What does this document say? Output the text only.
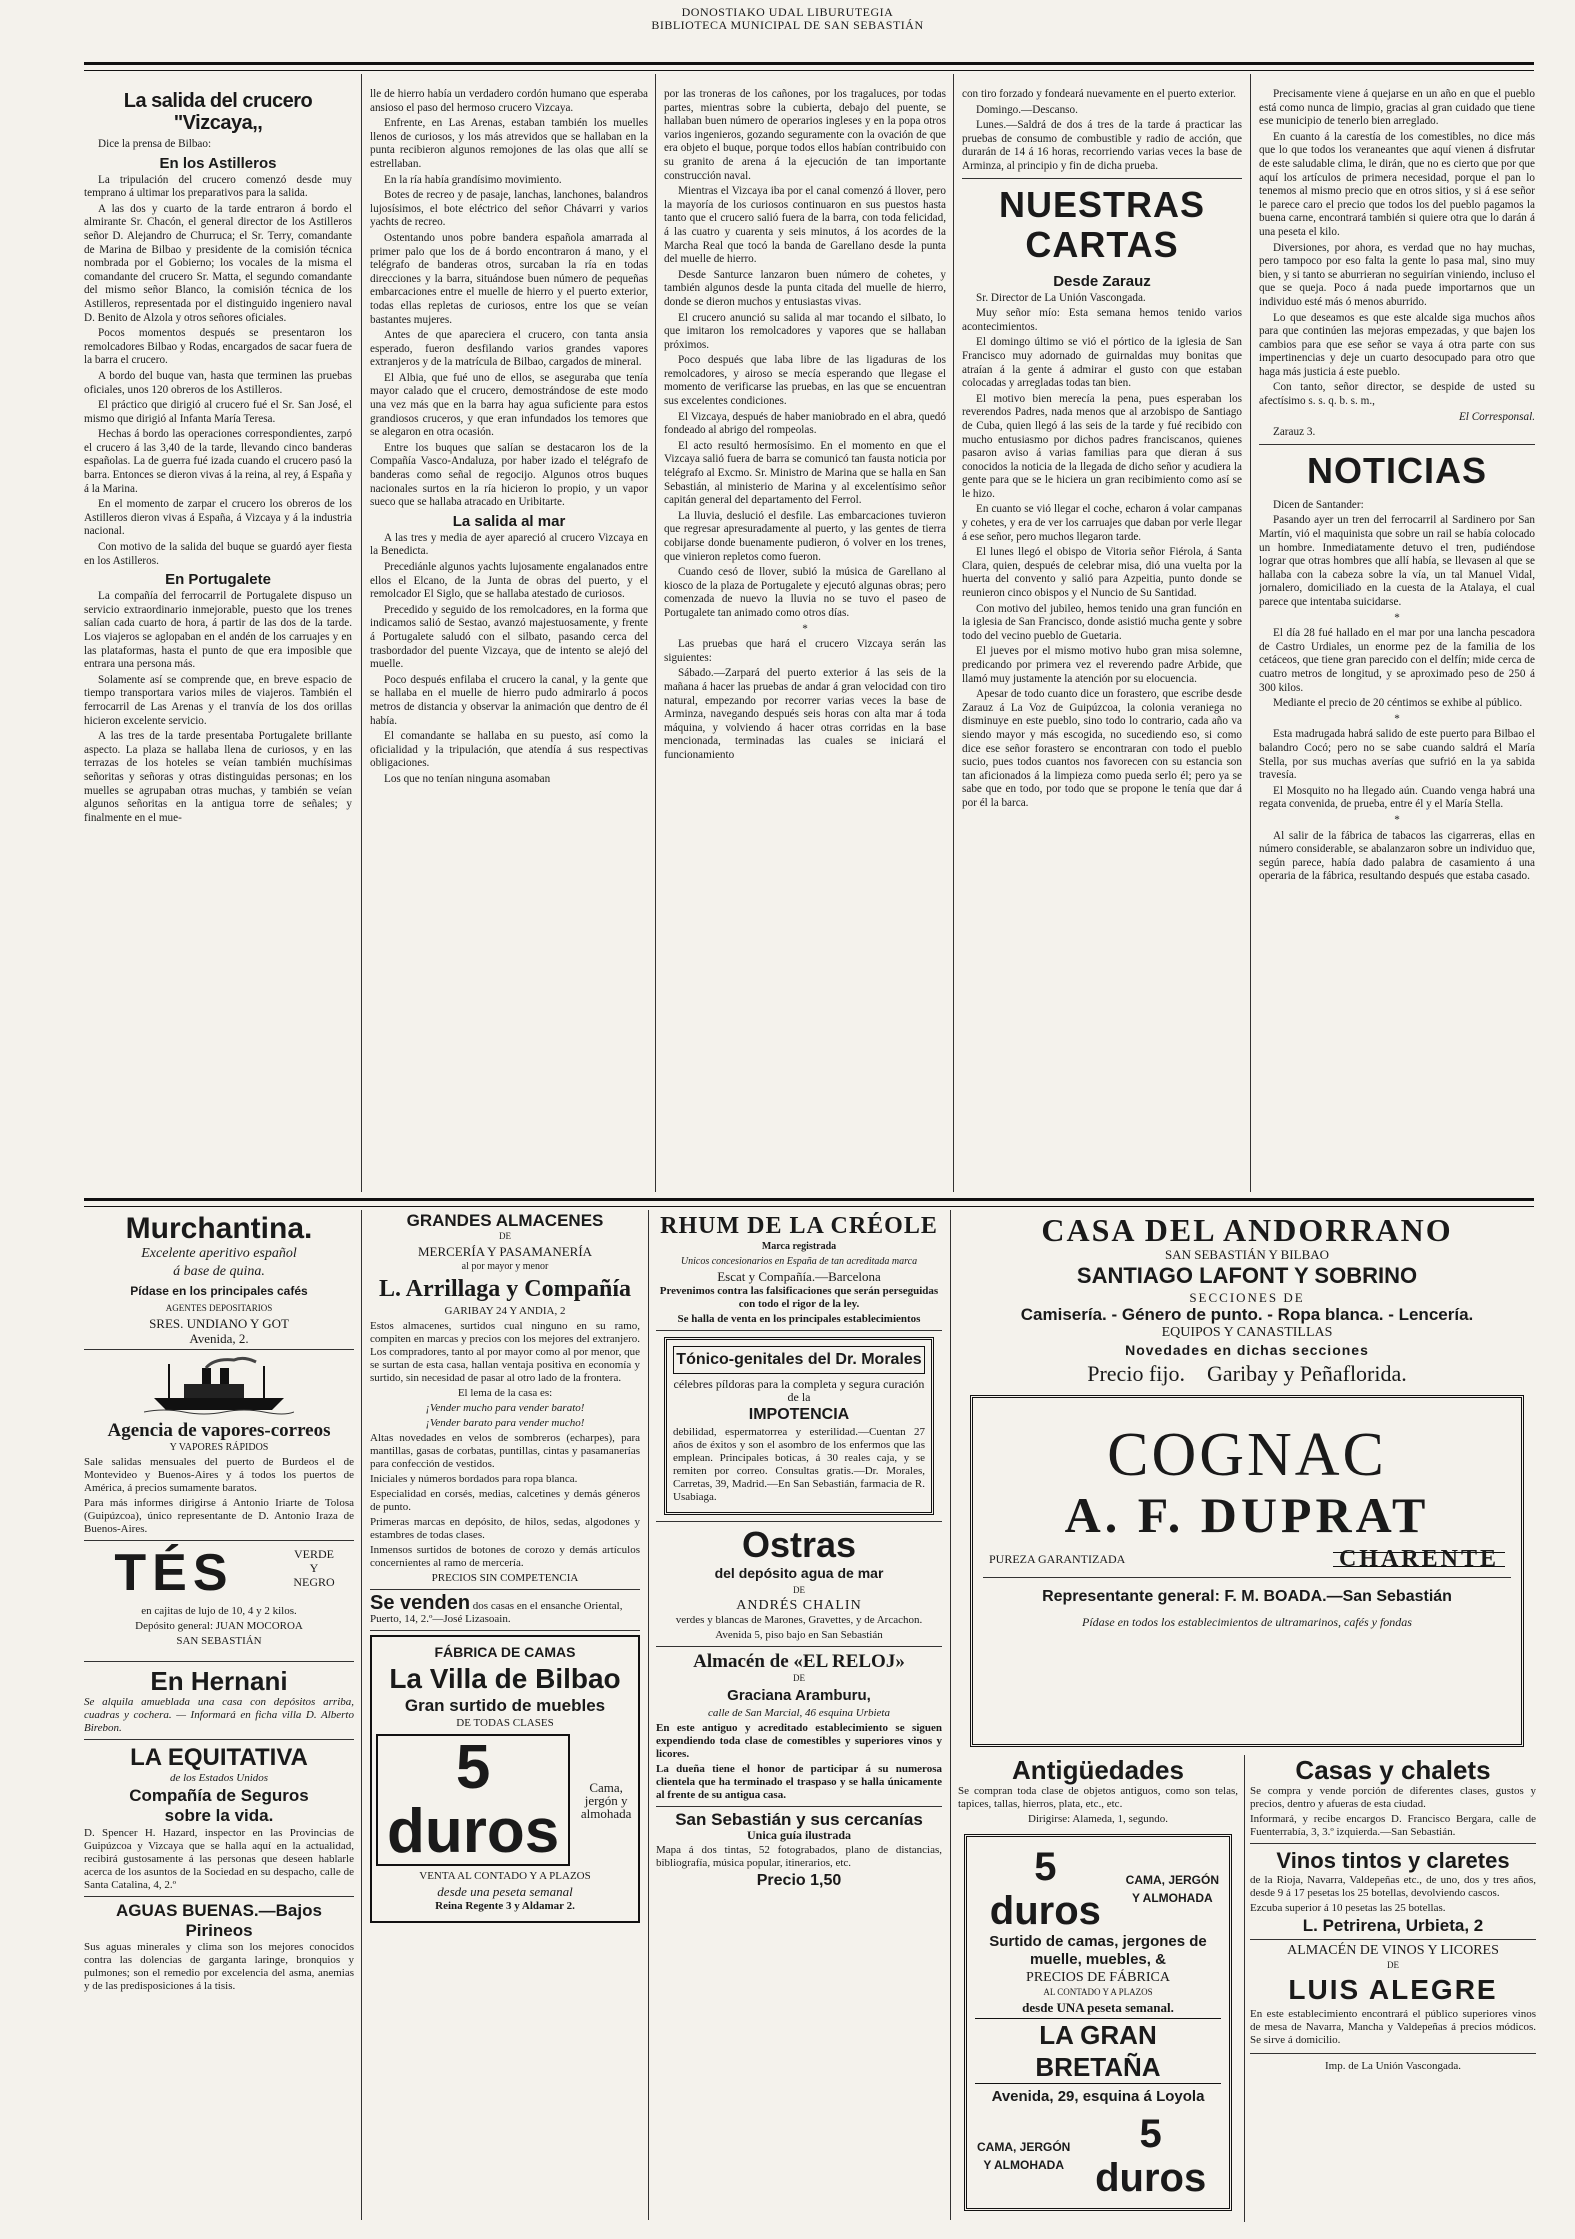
DONOSTIAKO UDAL LIBURUTEGIA
BIBLIOTECA MUNICIPAL DE SAN SEBASTIÁN
La salida del crucero "Vizcaya,,

Dice la prensa de Bilbao:

En los Astilleros

La tripulación del crucero comenzó desde muy temprano á ultimar los preparativos para la salida.

A las dos y cuarto de la tarde entraron á bordo el almirante Sr. Chacón, el general director de los Astilleros señor D. Alejandro de Churruca; el Sr. Terry, comandante de Marina de Bilbao y presidente de la comisión técnica nombrada por el Gobierno; los vocales de la misma el comandante del crucero Sr. Matta, el segundo comandante del mismo señor Blanco, la comisión técnica de los Astilleros, representada por el distinguido ingeniero naval D. Benito de Alzola y otros señores oficiales.

Pocos momentos después se presentaron los remolcadores Bilbao y Rodas, encargados de sacar fuera de la barra el crucero.

A bordo del buque van, hasta que terminen las pruebas oficiales, unos 120 obreros de los Astilleros.

El práctico que dirigió al crucero fué el Sr. San José, el mismo que dirigió al Infanta María Teresa.

Hechas á bordo las operaciones correspondientes, zarpó el crucero á las 3,40 de la tarde, llevando cinco banderas españolas. La de guerra fué izada cuando el crucero pasó la barra. Entonces se dieron vivas á la reina, al rey, á España y á la Marina.

En el momento de zarpar el crucero los obreros de los Astilleros dieron vivas á España, á Vizcaya y á la industria nacional.

Con motivo de la salida del buque se guardó ayer fiesta en los Astilleros.

En Portugalete

La compañía del ferrocarril de Portugalete dispuso un servicio extraordinario inmejorable, puesto que los trenes salían cada cuarto de hora, á partir de las dos de la tarde. Los viajeros se aglopaban en el andén de los carruajes y en las plataformas, hasta el punto de que era imposible que entrara una persona más.

Solamente así se comprende que, en breve espacio de tiempo transportara varios miles de viajeros. También el ferrocarril de Las Arenas y el tranvía de los dos orillas hicieron excelente servicio.

A las tres de la tarde presentaba Portugalete brillante aspecto. La plaza se hallaba llena de curiosos, y en las terrazas de los hoteles se veían también muchísimas señoritas y señoras y otras distinguidas personas; en los muelles se agrupaban otras muchas, y también se veían algunos señoritas en la antigua torre de señales; y finalmente en el mue-

lle de hierro había un verdadero cordón humano que esperaba ansioso el paso del hermoso crucero Vizcaya.

Enfrente, en Las Arenas, estaban también los muelles llenos de curiosos, y los más atrevidos que se hallaban en la punta recibieron algunos remojones de las olas que allí se estrellaban.

En la ría había grandísimo movimiento.

Botes de recreo y de pasaje, lanchas, lanchones, balandros lujosísimos, el bote eléctrico del señor Chávarri y varios yachts de recreo.

Ostentando unos pobre bandera española amarrada al primer palo que los de á bordo encontraron á mano, y el telégrafo de banderas otros, surcaban la ría en todas direcciones y la barra, situándose buen número de pequeñas embarcaciones entre el muelle de hierro y el puerto exterior, todas ellas repletas de curiosos, entre los que se veían bastantes mujeres.

Antes de que apareciera el crucero, con tanta ansia esperado, fueron desfilando varios grandes vapores extranjeros y de la matrícula de Bilbao, cargados de mineral.

El Albia, que fué uno de ellos, se aseguraba que tenía mayor calado que el crucero, demostrándose de este modo una vez más que en la barra hay agua suficiente para estos grandiosos cruceros, y que eran infundados los temores que se alegaron en otra ocasión.

Entre los buques que salían se destacaron los de la Compañía Vasco-Andaluza, por haber izado el telégrafo de banderas como señal de regocijo. Algunos otros buques nacionales surtos en la ría hicieron lo propio, y un vapor sueco que se hallaba atracado en Uribitarte.

La salida al mar

A las tres y media de ayer apareció al crucero Vizcaya en la Benedicta.

Precediánle algunos yachts lujosamente engalanados entre ellos el Elcano, de la Junta de obras del puerto, y el remolcador El Siglo, que se hallaba atestado de curiosos.

Precedido y seguido de los remolcadores, en la forma que indicamos salió de Sestao, avanzó majestuosamente, y frente á Portugalete saludó con el silbato, pasando cerca del trasbordador del puente Vizcaya, que de intento se alejó del muelle.

Poco después enfilaba el crucero la canal, y la gente que se hallaba en el muelle de hierro pudo admirarlo á pocos metros de distancia y observar la animación que dentro de él había.

El comandante se hallaba en su puesto, así como la oficialidad y la tripulación, que atendía á sus respectivas obligaciones.

Los que no tenían ninguna asomaban

por las troneras de los cañones, por los tragaluces, por todas partes, mientras sobre la cubierta, debajo del puente, se hallaban buen número de operarios ingleses y en la popa otros varios ingenieros, gozando seguramente con la ovación de que era objeto el buque, porque todos ellos habían contribuido con su granito de arena á la ejecución de tan importante construcción naval.

Mientras el Vizcaya iba por el canal comenzó á llover, pero la mayoría de los curiosos continuaron en sus puestos hasta tanto que el crucero salió fuera de la barra, con toda felicidad, á las cuatro y cuarenta y seis minutos, á los acordes de la Marcha Real que tocó la banda de Garellano desde la punta del muelle de hierro.

Desde Santurce lanzaron buen número de cohetes, y también algunos desde la punta citada del muelle de hierro, donde se dieron muchos y entusiastas vivas.

El crucero anunció su salida al mar tocando el silbato, lo que imitaron los remolcadores y vapores que se hallaban próximos.

Poco después que laba libre de las ligaduras de los remolcadores, y airoso se mecía esperando que llegase el momento de verificarse las pruebas, en las que se encuentran sus excelentes condiciones.

El Vizcaya, después de haber maniobrado en el abra, quedó fondeado al abrigo del rompeolas.

El acto resultó hermosísimo. En el momento en que el Vizcaya salió fuera de barra se comunicó tan fausta noticia por telégrafo al Excmo. Sr. Ministro de Marina que se halla en San Sebastián, al ministerio de Marina y al excelentísimo señor capitán general del departamento del Ferrol.

La lluvia, deslució el desfile. Las embarcaciones tuvieron que regresar apresuradamente al puerto, y las gentes de tierra cobijarse donde buenamente pudieron, ó volver en los trenes, que vinieron repletos como fueron.

Cuando cesó de llover, subió la música de Garellano al kiosco de la plaza de Portugalete y ejecutó algunas obras; pero comenzada de nuevo la lluvia no se tuvo el paseo de Portugalete tan animado como otros días.

*

Las pruebas que hará el crucero Vizcaya serán las siguientes:

Sábado.—Zarpará del puerto exterior á las seis de la mañana á hacer las pruebas de andar á gran velocidad con tiro natural, empezando por recorrer varias veces la base de Arminza, navegando después seis horas con alta mar á toda máquina, y volviendo á hacer otras corridas en la base mencionada, terminadas las cuales se iniciará el funcionamiento

con tiro forzado y fondeará nuevamente en el puerto exterior.

Domingo.—Descanso.

Lunes.—Saldrá de dos á tres de la tarde á practicar las pruebas de consumo de combustible y radio de acción, que durarán de 14 á 16 horas, recorriendo varias veces la base de Arminza, al principio y fin de dicha prueba.

NUESTRAS CARTAS
Desde Zarauz

Sr. Director de La Unión Vascongada.

Muy señor mío: Esta semana hemos tenido varios acontecimientos.

El domingo último se vió el pórtico de la iglesia de San Francisco muy adornado de guirnaldas muy bonitas que atraían á la gente á admirar el gusto con que estaban colocadas y arregladas todas tan bien.

El motivo bien merecía la pena, pues esperaban los reverendos Padres, nada menos que al arzobispo de Santiago de Cuba, quien llegó á las seis de la tarde y fué recibido con mucho entusiasmo por dichos padres franciscanos, quienes pasaron aviso á varias familias para que dieran á sus conocidos la noticia de la llegada de dicho señor y acudiera la gente para que se le hiciera un gran recibimiento como así se le hizo.

En cuanto se vió llegar el coche, echaron á volar campanas y cohetes, y era de ver los carruajes que daban por verle llegar á ese señor, pero muchos llegaron tarde.

El lunes llegó el obispo de Vitoria señor Fiérola, á Santa Clara, quien, después de celebrar misa, dió una vuelta por la huerta del convento y salió para Azpeitia, punto donde se reunieron cinco obispos y el Nuncio de Su Santidad.

Con motivo del jubileo, hemos tenido una gran función en la iglesia de San Francisco, donde asistió mucha gente y sobre todo del vecino pueblo de Guetaria.

El jueves por el mismo motivo hubo gran misa solemne, predicando por primera vez el reverendo padre Arbide, que llamó muy justamente la atención por su elocuencia.

Apesar de todo cuanto dice un forastero, que escribe desde Zarauz á La Voz de Guipúzcoa, la colonia veraniega no disminuye en este pueblo, sino todo lo contrario, cada año va siendo mayor y más escogida, no sucediendo eso, si como dice ese señor forastero se encontraran con todo el pueblo sucio, pues todos cuantos nos favorecen con su estancia son tan aficionados á la limpieza como pueda serlo él; pero ya se sabe que en todo, por todo que se propone le tenía que dar á por él la barca.

Precisamente viene á quejarse en un año en que el pueblo está como nunca de limpio, gracias al gran cuidado que tiene ese municipio de tenerlo bien arreglado.

En cuanto á la carestía de los comestibles, no dice más que lo que todos los veraneantes que aquí vienen á disfrutar de este saludable clima, le dirán, que no es cierto que por que aquí los artículos de primera necesidad, porque el pan lo tenemos al mismo precio que en otros sitios, y si á ese señor le parece caro el precio que todos los del pueblo pagamos la buena carne, encontrará también si quiere otra que lo darán á una peseta el kilo.

Diversiones, por ahora, es verdad que no hay muchas, pero tampoco por eso falta la gente lo pasa mal, sino muy bien, y si tanto se aburrieran no seguirían viniendo, incluso el que se queja. Poco á nada puede importarnos que un individuo esté más ó menos aburrido.

Lo que deseamos es que este alcalde siga muchos años para que continúen las mejoras empezadas, y que bajen los cambios para que ese señor se vaya á otra parte con sus impertinencias y deje un cuarto desocupado para otro que haga más justicia á este pueblo.

Con tanto, señor director, se despide de usted su afectísimo s. s. q. b. s. m.,

El Corresponsal.

Zarauz 3.

NOTICIAS

Dicen de Santander:

Pasando ayer un tren del ferrocarril al Sardinero por San Martín, vió el maquinista que sobre un rail se había colocado un hombre. Inmediatamente detuvo el tren, pudiéndose lograr que otras hombres que allí había, se llevasen al que se hallaba con la cabeza sobre la vía, un tal Manuel Vidal, jornalero, domiciliado en la cuesta de la Atalaya, el cual parece que intentaba suicidarse.

*

El día 28 fué hallado en el mar por una lancha pescadora de Castro Urdiales, un enorme pez de la familia de los cetáceos, que tiene gran parecido con el delfín; mide cerca de cuatro metros de longitud, y se aproximado peso de 250 á 300 kilos.

Mediante el precio de 20 céntimos se exhibe al público.

*

Esta madrugada habrá salido de este puerto para Bilbao el balandro Cocó; pero no se sabe cuando saldrá el María Stella, por sus muchas averías que sufrió en la ya sabida travesía.

El Mosquito no ha llegado aún. Cuando venga habrá una regata convenida, de prueba, entre él y el María Stella.

*

Al salir de la fábrica de tabacos las cigarreras, ellas en número considerable, se abalanzaron sobre un individuo que, según parece, había dado palabra de casamiento á una operaria de la fábrica, resultando después que estaba casado.

Murchantina.

Excelente aperitivo español

á base de quina.

Pídase en los principales cafés

AGENTES DEPOSITARIOS

SRES. UNDIANO Y GOT

Avenida, 2.

Agencia de vapores-correos

Y VAPORES RÁPIDOS

Sale salidas mensuales del puerto de Burdeos el de Montevideo y Buenos-Aires y á todos los puertos de América, á precios sumamente baratos.

Para más informes dirigirse á Antonio Iriarte de Tolosa (Guipúzcoa), único representante de D. Antonio Iraza de Buenos-Aires.

TÉS	VERDE
Y
NEGRO

en cajitas de lujo de 10, 4 y 2 kilos.

Depósito general: JUAN MOCOROA

SAN SEBASTIÁN

En Hernani

Se alquila amueblada una casa con depósitos arriba, cuadras y cochera. — Informará en ficha villa D. Alberto Birebon.

LA EQUITATIVA

de los Estados Unidos

Compañía de Seguros

sobre la vida.

D. Spencer H. Hazard, inspector en las Provincias de Guipúzcoa y Vizcaya que se halla aquí en la actualidad, recibirá gustosamente á las personas que deseen hablarle acerca de los asuntos de la Sociedad en su despacho, calle de Santa Catalina, 4, 2.º

AGUAS BUENAS.—Bajos Pirineos

Sus aguas minerales y clima son los mejores conocidos contra las dolencias de garganta laringe, bronquios y pulmones; son el remedio por excelencia del asma, anemias y de las predisposiciones á la tisis.

GRANDES ALMACENES

DE

MERCERÍA Y PASAMANERÍA

al por mayor y menor

L. Arrillaga y Compañía

GARIBAY 24 Y ANDIA, 2

Estos almacenes, surtidos cual ninguno en su ramo, compiten en marcas y precios con los mejores del extranjero. Los compradores, tanto al por mayor como al por menor, que se surtan de esta casa, hallan ventaja positiva en economía y surtido, sin necesidad de pasar al otro lado de la frontera.

El lema de la casa es:

¡Vender mucho para vender barato!

¡Vender barato para vender mucho!

Altas novedades en velos de sombreros (echarpes), para mantillas, gasas de corbatas, puntillas, cintas y pasamanerías para confección de vestidos.

Iniciales y números bordados para ropa blanca.

Especialidad en corsés, medias, calcetines y demás géneros de punto.

Primeras marcas en depósito, de hilos, sedas, algodones y estambres de todas clases.

Inmensos surtidos de botones de corozo y demás artículos concernientes al ramo de mercería.

PRECIOS SIN COMPETENCIA

Se venden dos casas en el ensanche Oriental, Puerto, 14, 2.º—José Lizasoain.

FÁBRICA DE CAMAS

La Villa de Bilbao

Gran surtido de muebles

DE TODAS CLASES

5 duros
Cama, jergón y almohada

VENTA AL CONTADO Y A PLAZOS

desde una peseta semanal

Reina Regente 3 y Aldamar 2.

RHUM DE LA CRÉOLE

Marca registrada

Unicos concesionarios en España de tan acreditada marca

Escat y Compañía.—Barcelona

Prevenimos contra las falsificaciones que serán perseguidas con todo el rigor de la ley.

Se halla de venta en los principales establecimientos

Tónico-genitales del Dr. Morales

célebres píldoras para la completa y segura curación de la

IMPOTENCIA

debilidad, espermatorrea y esterilidad.—Cuentan 27 años de éxitos y son el asombro de los enfermos que las emplean. Principales boticas, á 30 reales caja, y se remiten por correo. Consultas gratis.—Dr. Morales, Carretas, 39, Madrid.—En San Sebastián, farmacia de R. Usabiaga.

Ostras

del depósito agua de mar

DE

ANDRÉS CHALIN

verdes y blancas de Marones, Gravettes, y de Arcachon.

Avenida 5, piso bajo en San Sebastián

Almacén de «EL RELOJ»

DE

Graciana Aramburu,

calle de San Marcial, 46 esquina Urbieta

En este antiguo y acreditado establecimiento se siguen expendiendo toda clase de comestibles y superiores vinos y licores.

La dueña tiene el honor de participar á su numerosa clientela que ha terminado el traspaso y se halla únicamente al frente de su antigua casa.

San Sebastián y sus cercanías

Unica guía ilustrada

Mapa á dos tintas, 52 fotograbados, plano de distancias, bibliografía, música popular, itinerarios, etc.

Precio 1,50

CASA DEL ANDORRANO

SAN SEBASTIÁN Y BILBAO

SANTIAGO LAFONT Y SOBRINO

SECCIONES DE

Camisería. - Género de punto. - Ropa blanca. - Lencería.

EQUIPOS Y CANASTILLAS

Novedades en dichas secciones

Precio fijo. Garibay y Peñaflorida.

COGNAC
A. F. DUPRAT
PUREZA GARANTIZADA	CHARENTE

Representante general: F. M. BOADA.—San Sebastián

Pídase en todos los establecimientos de ultramarinos, cafés y fondas

Antigüedades

Se compran toda clase de objetos antiguos, como son telas, tapices, tallas, hierros, plata, etc., etc.

Dirigirse: Alameda, 1, segundo.

5 duros
CAMA, JERGÓN Y ALMOHADA

Surtido de camas, jergones de muelle, muebles, &

PRECIOS DE FÁBRICA

AL CONTADO Y A PLAZOS

desde UNA peseta semanal.

LA GRAN BRETAÑA

Avenida, 29, esquina á Loyola

CAMA, JERGÓN Y ALMOHADA
5 duros
Casas y chalets

Se compra y vende porción de diferentes clases, gustos y precios, dentro y afueras de esta ciudad.

Informará, y recibe encargos D. Francisco Bergara, calle de Fuenterrabía, 3, 3.º izquierda.—San Sebastián.

Vinos tintos y claretes

de la Rioja, Navarra, Valdepeñas etc., de uno, dos y tres años, desde 9 á 17 pesetas los 25 botellas, devolviendo cascos.

Ezcuba superior á 10 pesetas las 25 botellas.

L. Petrirena, Urbieta, 2

ALMACÉN DE VINOS Y LICORES

DE

LUIS ALEGRE

En este establecimiento encontrará el público superiores vinos de mesa de Navarra, Mancha y Valdepeñas á precios módicos. Se sirve á domicilio.

Imp. de La Unión Vascongada.
